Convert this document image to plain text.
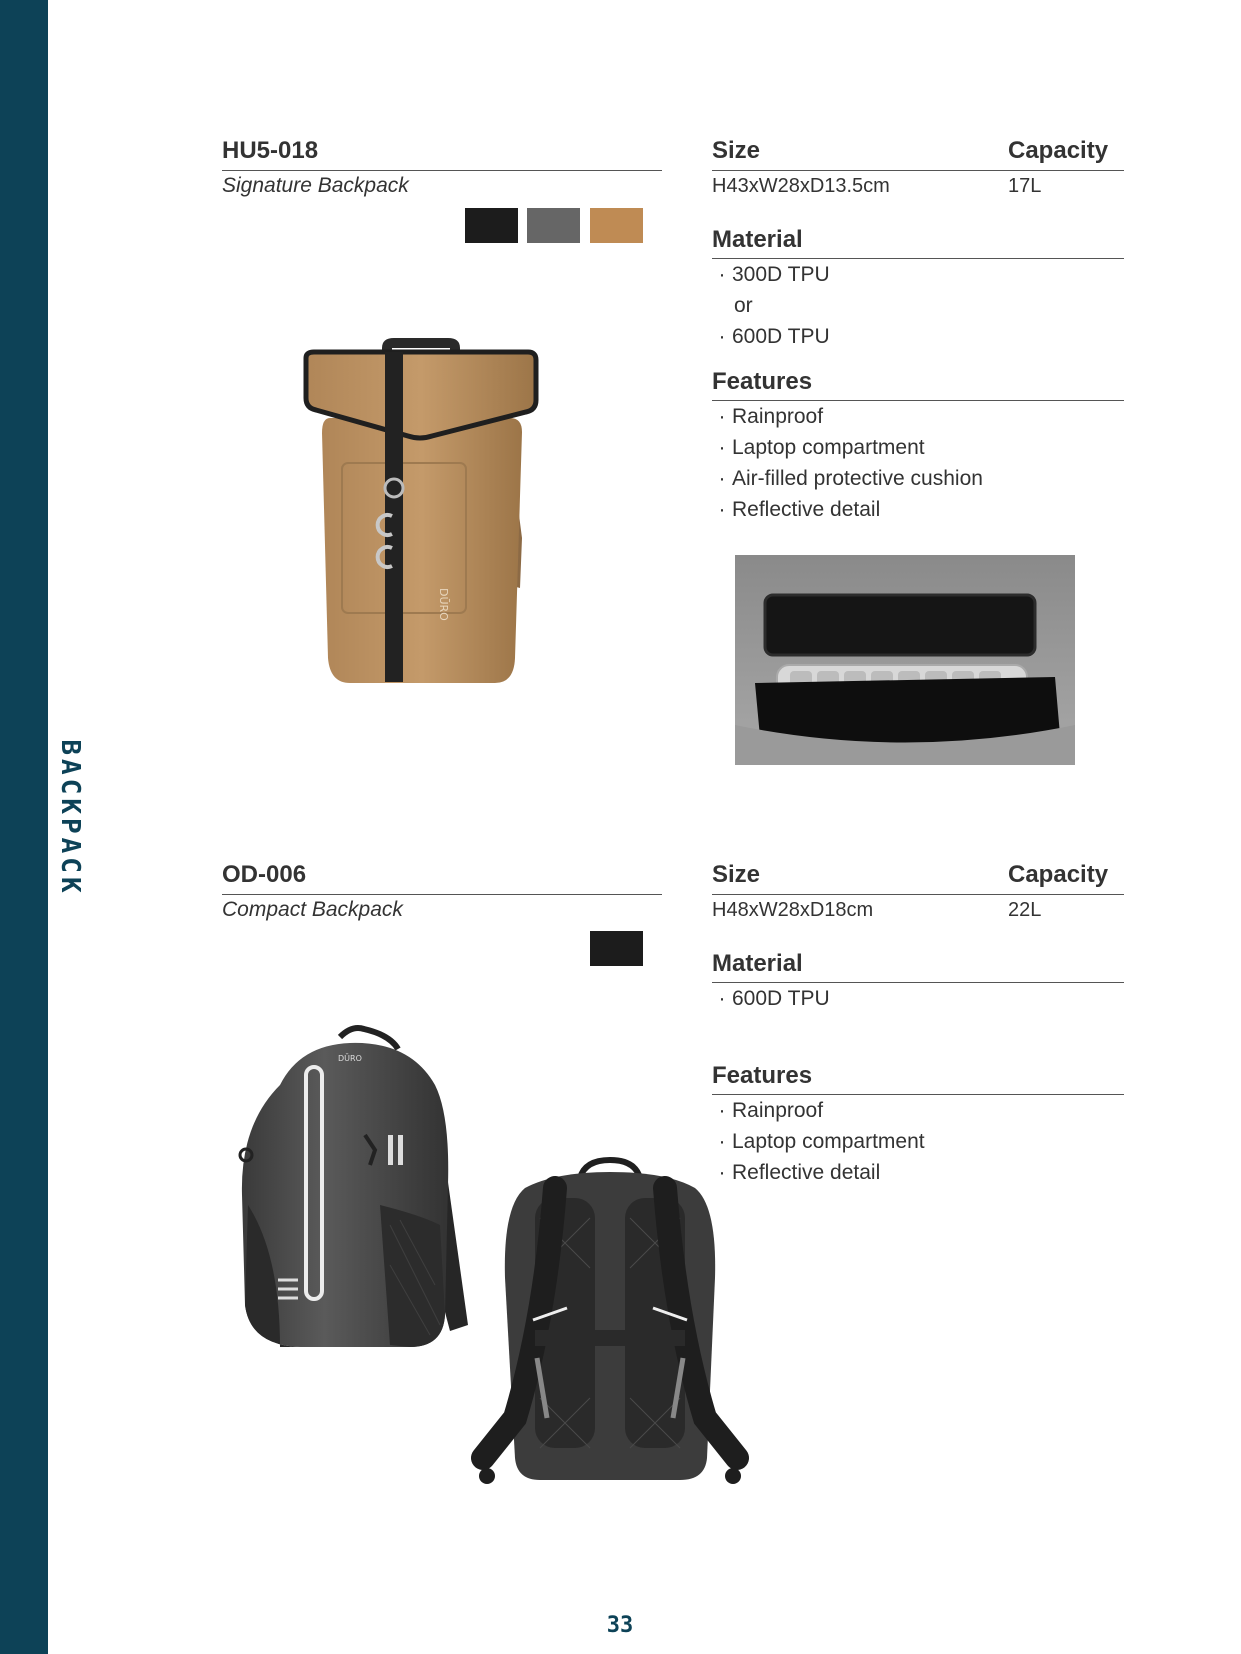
BACKPACK
HU5-018
Signature Backpack
Size	Capacity
H43xW28xD13.5cm	17L
Material
· 300D TPU
or
· 600D TPU
Features
· Rainproof
· Laptop compartment
· Air-filled protective cushion
· Reflective detail
DŪRO
OD-006
Compact Backpack
Size	Capacity
H48xW28xD18cm	22L
Material
· 600D TPU
Features
· Rainproof
· Laptop compartment
· Reflective detail
DŪRO
33
